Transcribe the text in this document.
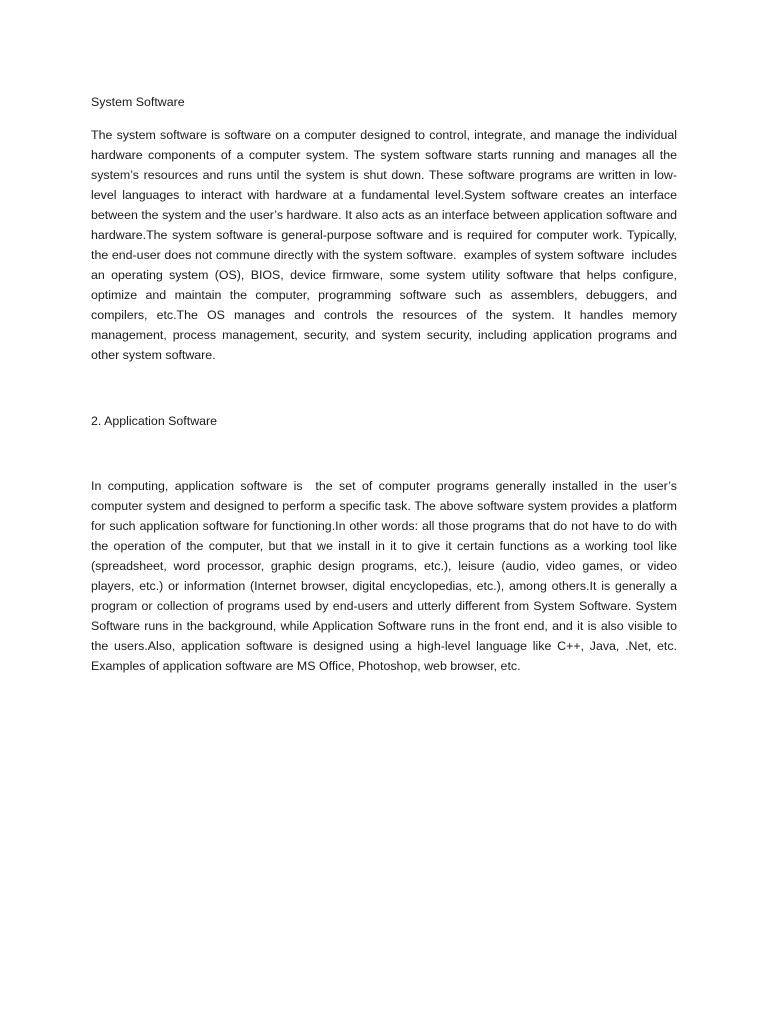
System Software

The system software is software on a computer designed to control, integrate, and manage the individual hardware components of a computer system. The system software starts running and manages all the system’s resources and runs until the system is shut down. These software programs are written in low-level languages to interact with hardware at a fundamental level.System software creates an interface between the system and the user’s hardware. It also acts as an interface between application software and hardware.The system software is general-purpose software and is required for computer work. Typically, the end-user does not commune directly with the system software.  examples of system software  includes an operating system (OS), BIOS, device firmware, some system utility software that helps configure, optimize and maintain the computer, programming software such as assemblers, debuggers, and compilers, etc.The OS manages and controls the resources of the system. It handles memory management, process management, security, and system security, including application programs and other system software.

2. Application Software

In computing, application software is  the set of computer programs generally installed in the user’s computer system and designed to perform a specific task. The above software system provides a platform for such application software for functioning.In other words: all those programs that do not have to do with the operation of the computer, but that we install in it to give it certain functions as a working tool like (spreadsheet, word processor, graphic design programs, etc.), leisure (audio, video games, or video players, etc.) or information (Internet browser, digital encyclopedias, etc.), among others.It is generally a program or collection of programs used by end-users and utterly different from System Software. System Software runs in the background, while Application Software runs in the front end, and it is also visible to the users.Also, application software is designed using a high-level language like C++, Java, .Net, etc. Examples of application software are MS Office, Photoshop, web browser, etc.
